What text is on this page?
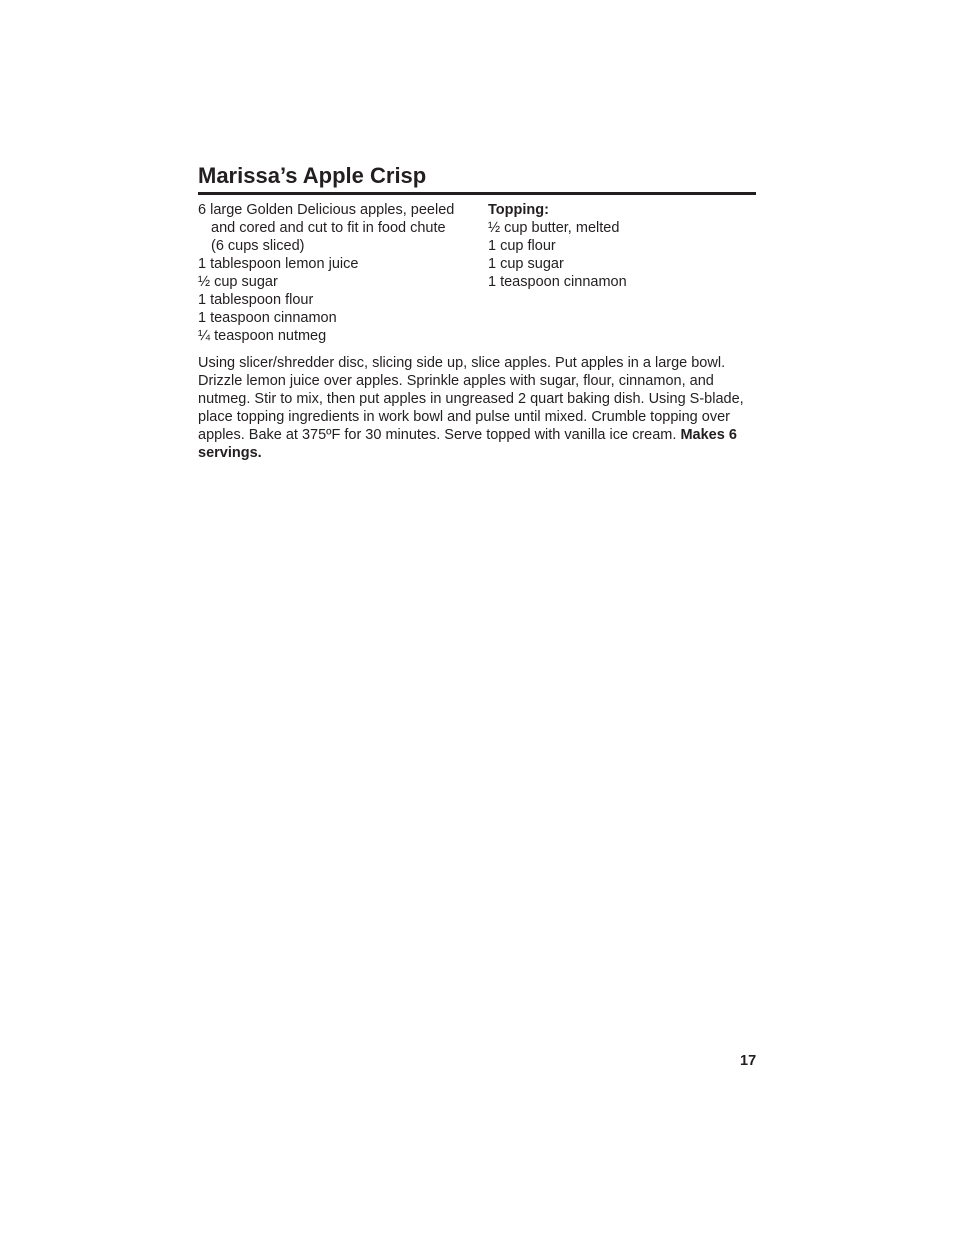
Marissa’s Apple Crisp

6 large Golden Delicious apples, peeled and cored and cut to fit in food chute (6 cups sliced)

1 tablespoon lemon juice

½ cup sugar

1 tablespoon flour

1 teaspoon cinnamon

¼ teaspoon nutmeg

Topping:

½ cup butter, melted

1 cup flour

1 cup sugar

1 teaspoon cinnamon

Using slicer/shredder disc, slicing side up, slice apples. Put apples in a large bowl. Drizzle lemon juice over apples. Sprinkle apples with sugar, flour, cinnamon, and nutmeg. Stir to mix, then put apples in ungreased 2 quart baking dish. Using S-blade, place topping ingredients in work bowl and pulse until mixed. Crumble topping over apples. Bake at 375ºF for 30 minutes. Serve topped with vanilla ice cream. Makes 6 servings.

17
